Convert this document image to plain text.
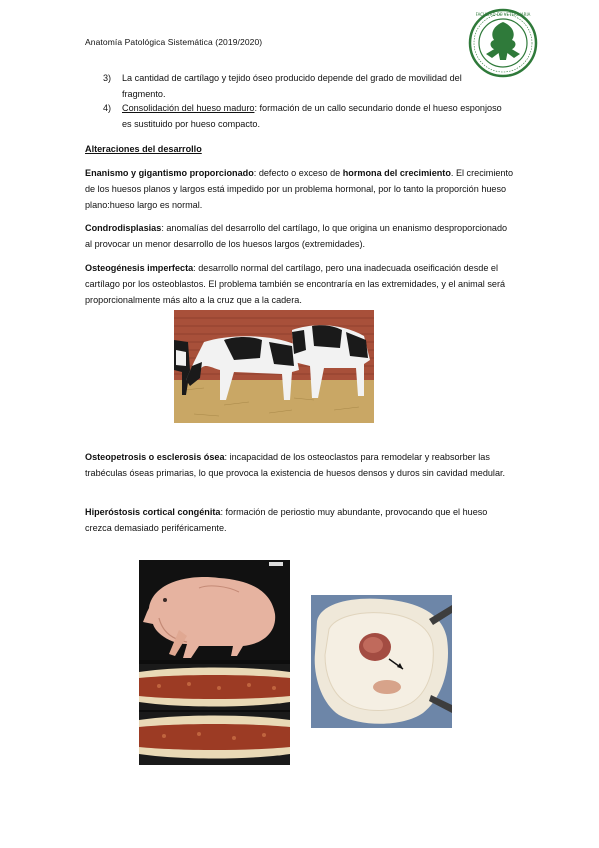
Anatomía Patológica Sistemática (2019/2020)
FACULTAD DE VETERINARIA
3)	La cantidad de cartílago y tejido óseo producido depende del grado de movilidad del fragmento.
4)	Consolidación del hueso maduro: formación de un callo secundario donde el hueso esponjoso es sustituido por hueso compacto.
Alteraciones del desarrollo
Enanismo y gigantismo proporcionado: defecto o exceso de hormona del crecimiento. El crecimiento de los huesos planos y largos está impedido por un problema hormonal, por lo tanto la proporción hueso plano:hueso largo es normal.
Condrodisplasias: anomalías del desarrollo del cartílago, lo que origina un enanismo desproporcionado al provocar un menor desarrollo de los huesos largos (extremidades).
Osteogénesis imperfecta: desarrollo normal del cartílago, pero una inadecuada oseificación desde el cartílago por los osteoblastos. El problema también se encontraría en las extremidades, y el animal será proporcionalmente más alto a la cruz que a la cadera.
Osteopetrosis o esclerosis ósea: incapacidad de los osteoclastos para remodelar y reabsorber las trabéculas óseas primarias, lo que provoca la existencia de huesos densos y duros sin cavidad medular.
Hiperóstosis cortical congénita: formación de periostio muy abundante, provocando que el hueso crezca demasiado periféricamente.
